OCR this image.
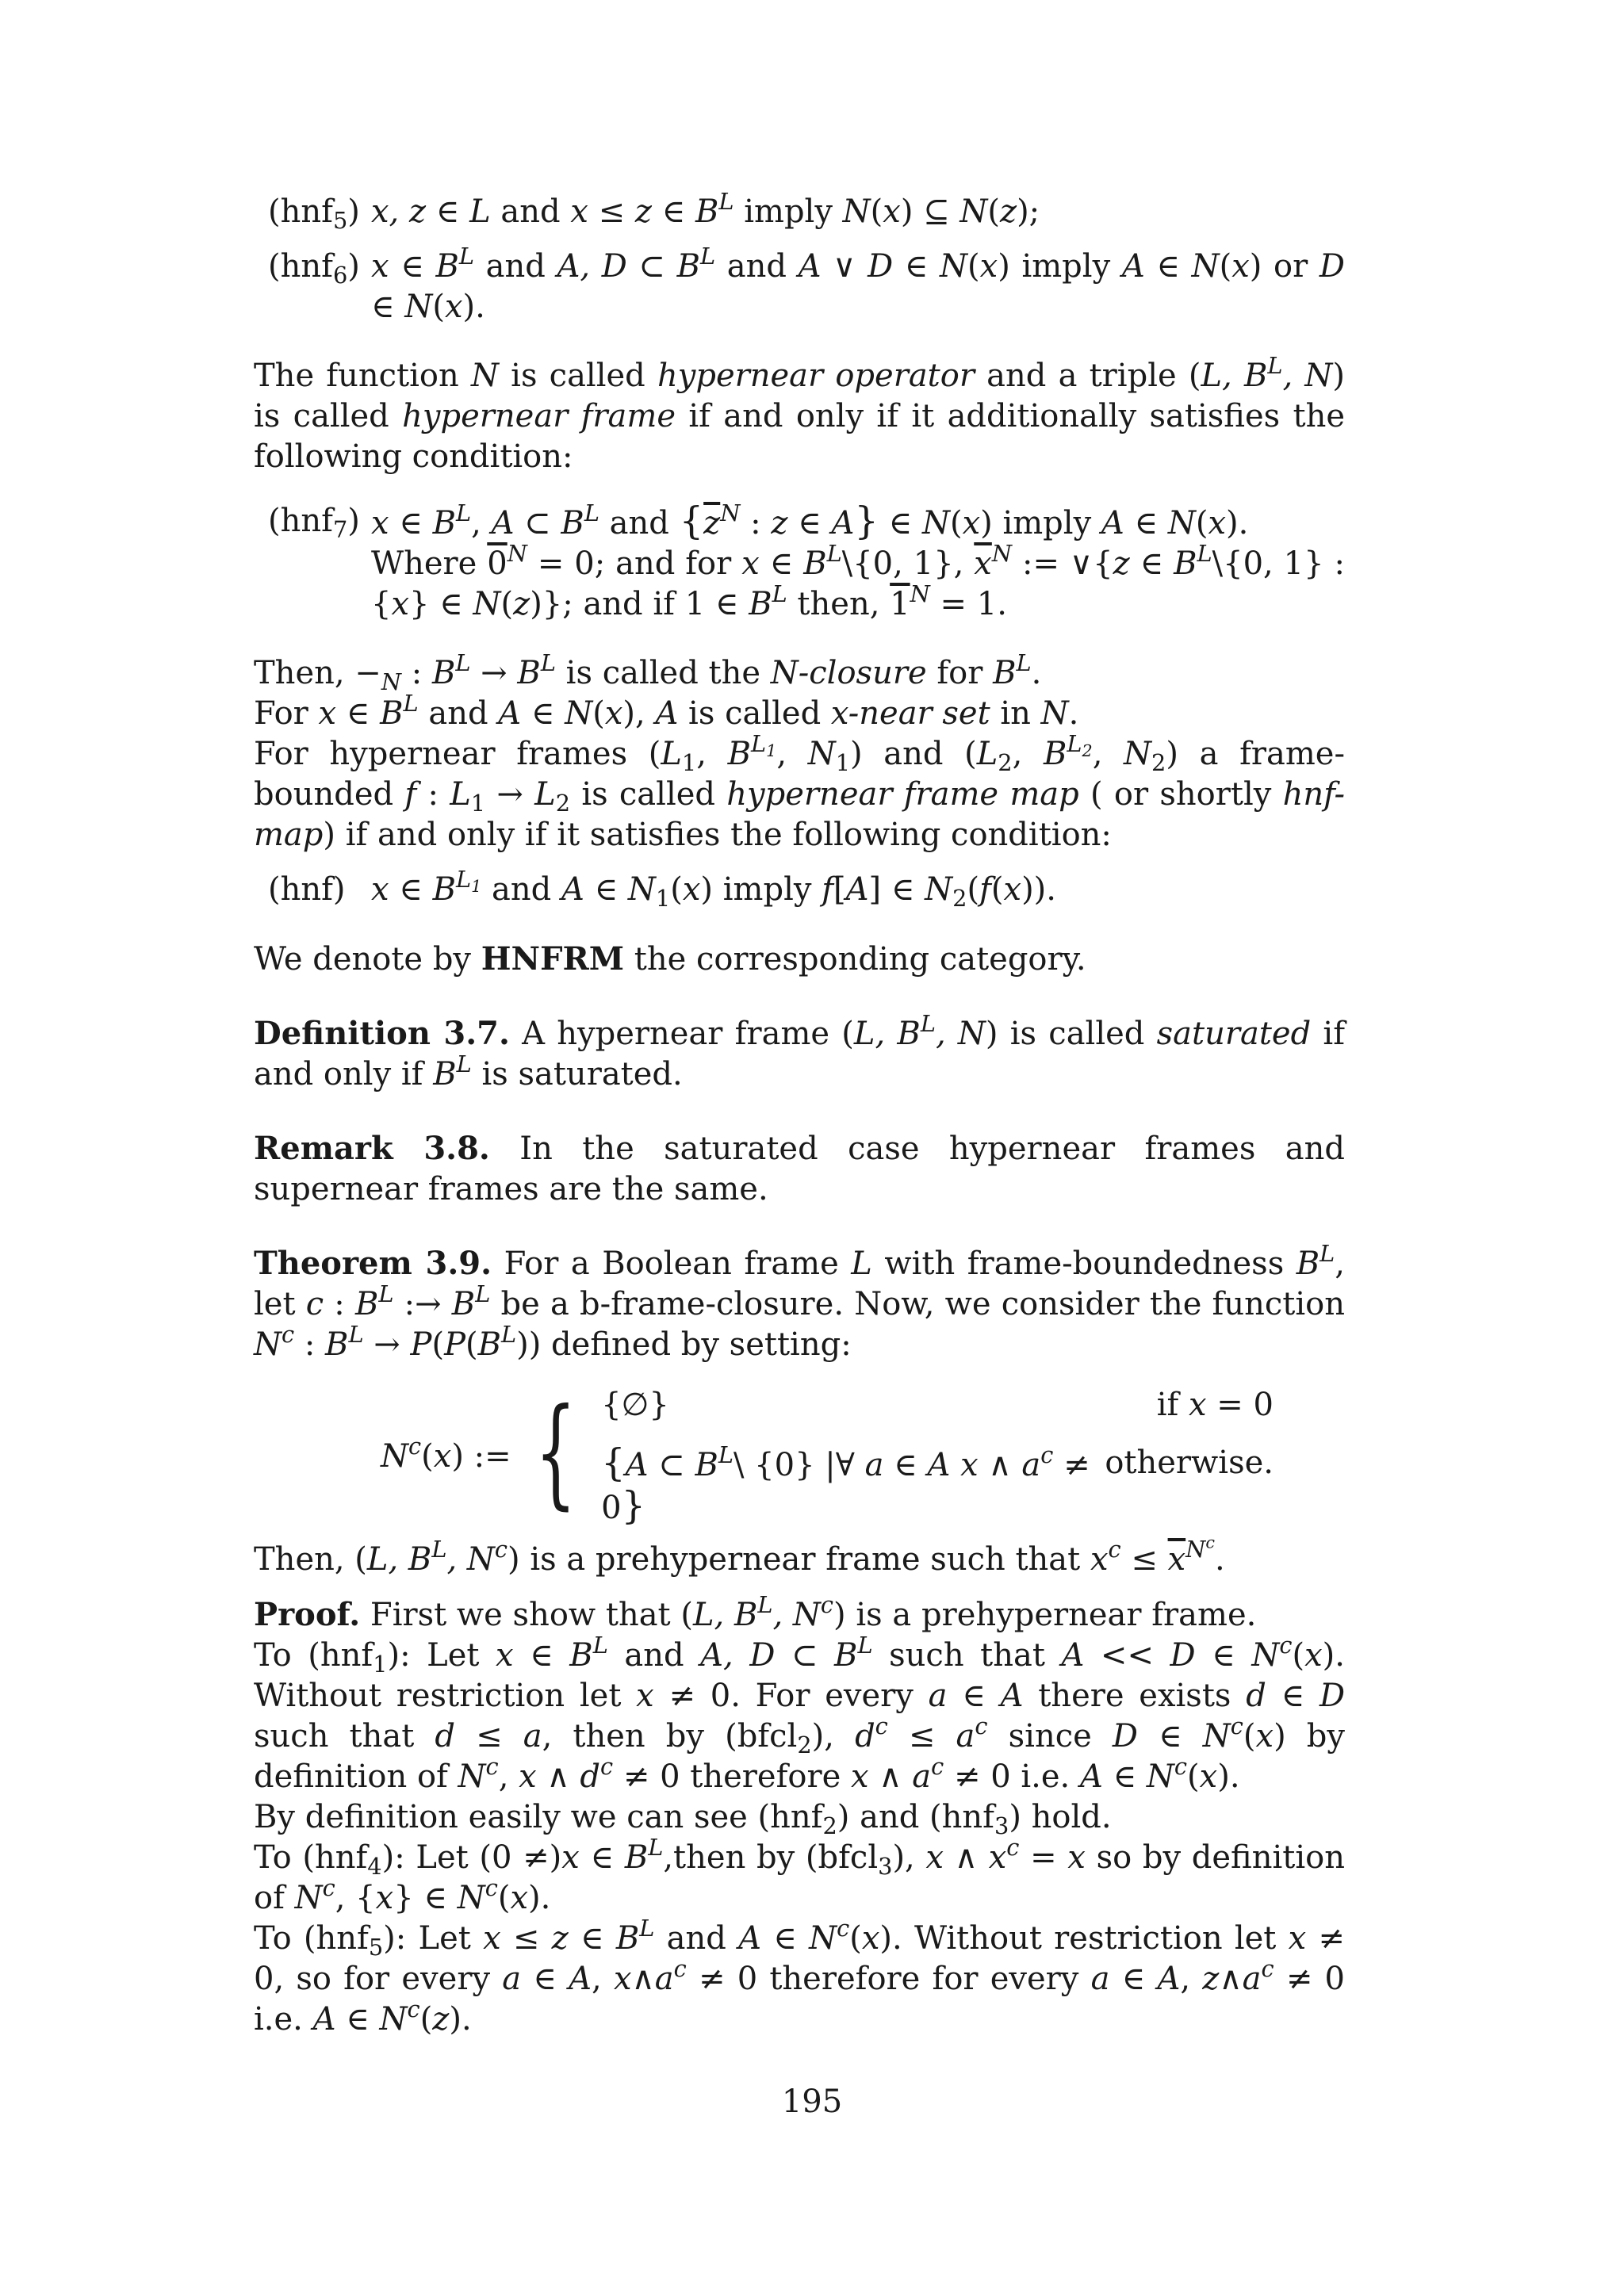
(hnf$_5$) x, z ∈ L and x ≤ z ∈ $B^L$ imply N(x) ⊆ N(z);
(hnf$_6$) x ∈ $B^L$ and A, D ⊂ $B^L$ and A ∨ D ∈ N(x) imply A ∈ N(x) or D ∈ N(x).

The function N is called hypernear operator and a triple (L, $B^L$, N) is called hypernear frame if and only if it additionally satisfies the following condition:

(hnf$_7$) x ∈ $B^L$, A ⊂ $B^L$ and {$\overline{z}^N$ : z ∈ A} ∈ N(x) imply A ∈ N(x).
Where $0^N = 0$; and for x ∈ $B^L\backslash\{0$, 1}, $\overline{x}^N$ := ∨{z ∈ $B^L\backslash\{0$, 1} : {x} ∈ N(z)}; and if 1 ∈ $B^L$ then, $1^N = 1$.

Then, $-_N$ : $B^L \to B^L$ is called the N-closure for $B^L$.

For x ∈ $B^L$ and A ∈ N(x), A is called x-near set in N.

For hypernear frames ($L_1$, $B^{L_1}$, $N_1$) and ($L_2$, $B^{L_2}$, $N_2$) a frame-bounded f : $L_1 \to L_2$ is called hypernear frame map ( or shortly hnf-map) if and only if it satisfies the following condition:

(hnf) x ∈ $B^{L_1}$ and A ∈ $N_1(x)$ imply f[A] ∈ $N_2(f(x))$.

We denote by HNFRM the corresponding category.

Definition 3.7. A hypernear frame (L, $B^L$, N) is called saturated if and only if $B^L$ is saturated.

Remark 3.8. In the saturated case hypernear frames and supernear frames are the same.

Theorem 3.9. For a Boolean frame L with frame-boundedness $B^L$, let c : $B^L$ :→ $B^L$ be a b-frame-closure. Now, we consider the function $N^c$ : $B^L \to P(P(B^L))$ defined by setting:

$N^c(x)$ := { {∅}	if x = 0
{A ⊂ $B^L\backslash$ {0} |∀ a ∈ A x ∧ $a^c \ne 0$}
otherwise.

Then, (L, $B^L$, $N^c$) is a prehypernear frame such that $x^c \le \overline{x}^{N^c}$.

Proof. First we show that (L, $B^L$, $N^c$) is a prehypernear frame.

To (hnf$_1$): Let x ∈ $B^L$ and A, D ⊂ $B^L$ such that A << D ∈ $N^c(x)$. Without restriction let x ≠ 0. For every a ∈ A there exists d ∈ D such that d ≤ a, then by (bfcl$_2$), $d^c \le a^c$ since D ∈ $N^c(x)$ by definition of $N^c$, x ∧ $d^c \ne 0$ therefore x ∧ $a^c \ne 0$ i.e. A ∈ $N^c(x)$.

By definition easily we can see (hnf$_2$) and (hnf$_3$) hold.

To (hnf$_4$): Let (0 ≠)x ∈ $B^L,then$ by (bfcl$_3$), x ∧ $x^c = x$ so by definition of $N^c$, {x} ∈ $N^c(x)$.

To (hnf$_5$): Let x ≤ z ∈ $B^L$ and A ∈ $N^c(x)$. Without restriction let x ≠ 0, so for every a ∈ A, $x\wedge a^c \ne 0$ therefore for every a ∈ A, $z\wedge a^c \ne 0$ i.e. A ∈ $N^c(z)$.

195
